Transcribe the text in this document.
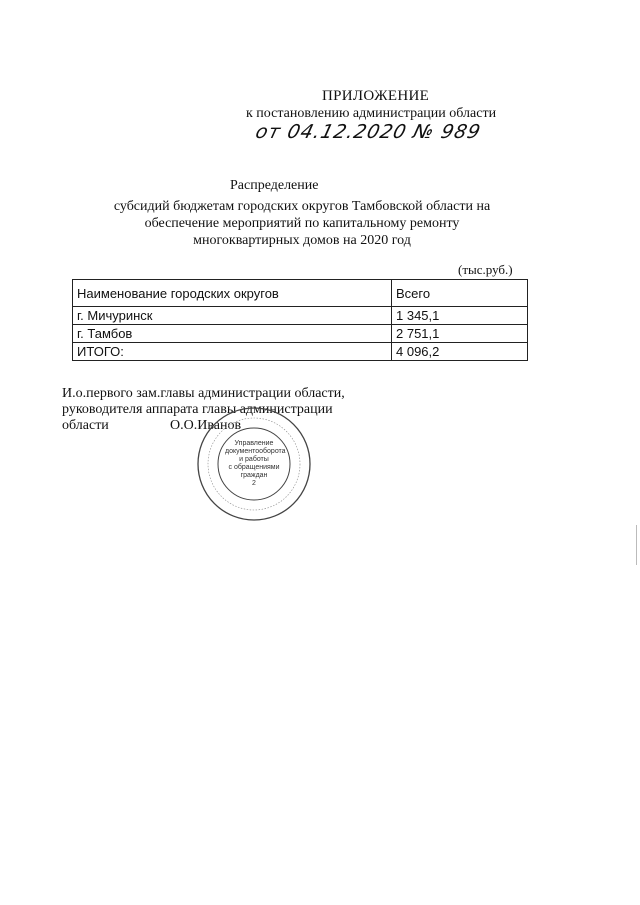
ПРИЛОЖЕНИЕ
к постановлению администрации области
от 04.12.2020 № 989
Распределение
субсидий бюджетам городских округов Тамбовской области на
обеспечение мероприятий по капитальному ремонту
многоквартирных домов на 2020 год
(тыс.руб.)
Наименование городских округов	Всего
г. Мичуринск	1 345,1
г. Тамбов	2 751,1
ИТОГО:	4 096,2
И.о.первого зам.главы администрации области,
руководителя аппарата главы администрации
области	О.О.Иванов
Управление
документооборота
и работы
с обращениями
граждан
2
